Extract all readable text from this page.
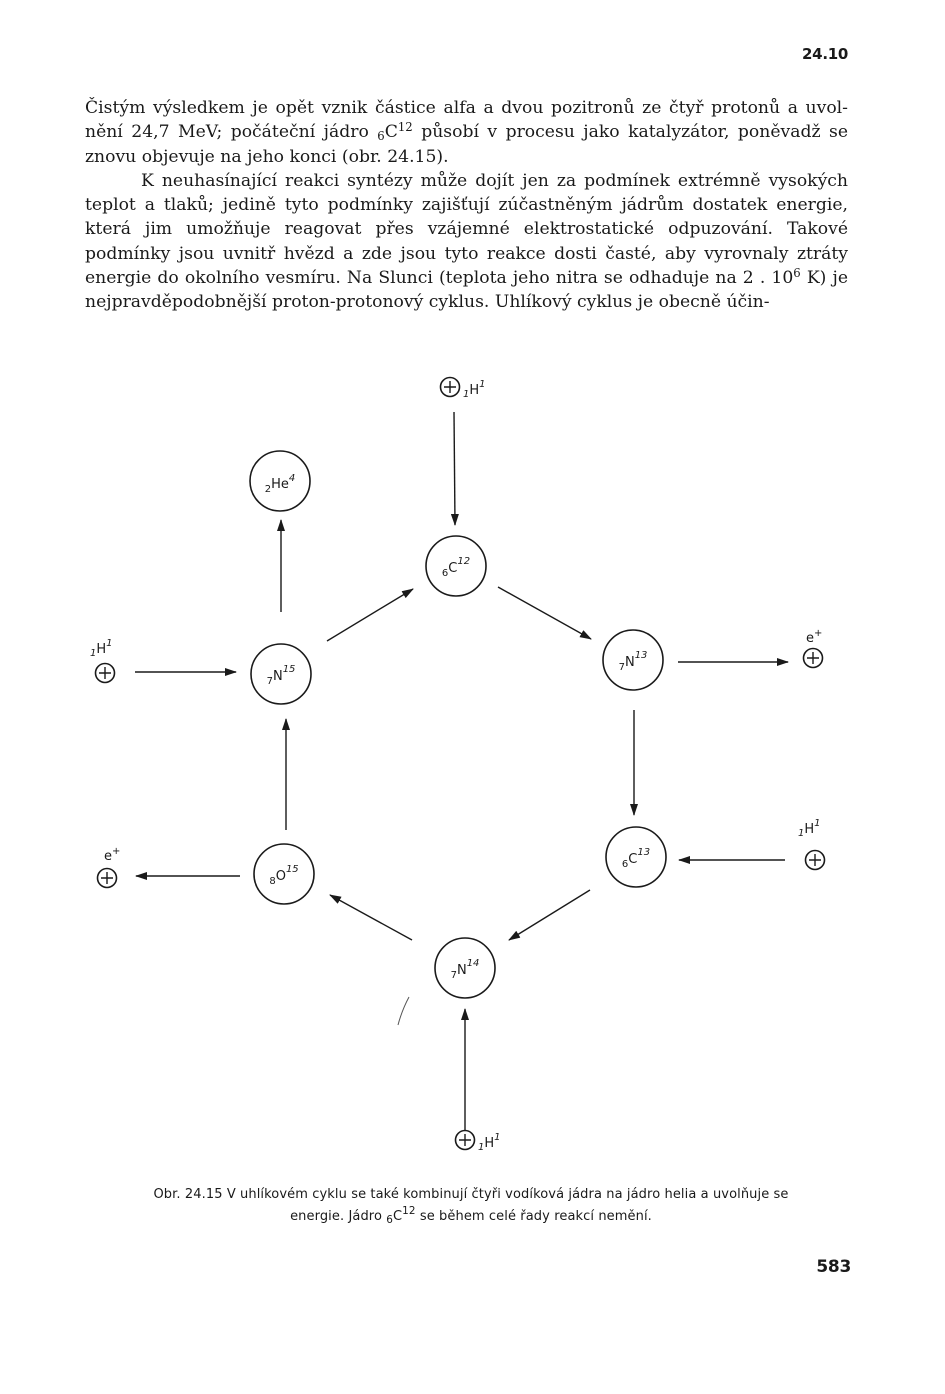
24.10

Čistým výsledkem je opět vznik částice alfa a dvou pozitronů ze čtyř protonů a uvol- nění 24,7 MeV; počáteční jádro $_6C^{12}$ působí v procesu jako katalyzátor, poněvadž se znovu objevuje na jeho konci (obr. 24.15).

K neuhasínající reakci syntézy může dojít jen za podmínek extrémně vysokých teplot a tlaků; jedině tyto podmínky zajišťují zúčastněným jádrům dostatek energie, která jim umožňuje reagovat přes vzájemné elektrostatické odpuzování. Takové podmínky jsou uvnitř hvězd a zde jsou tyto reakce dosti časté, aby vyrovnaly ztráty energie do okolního vesmíru. Na Slunci (teplota jeho nitra se odhaduje na 2 . $10^6$ K) je nejpravděpodobnější proton-protonový cyklus. Uhlíkový cyklus je obecně účin-

$_2^{He4}$
$_6^{C12}$
$_7^{N15}$	$_7^{N13}$
$_8^{O15}$	$_6^{C13}$
$_7^{N14}$
$1H^1$
$1H^1$
$1H^1$
$1H^1$
e+
e+

Obr. 24.15 V uhlíkovém cyklu se také kombinují čtyři vodíková jádra na jádro helia a uvolňuje se

energie. Jádro $_6C^{12}$ se během celé řady reakcí nemění.

583
